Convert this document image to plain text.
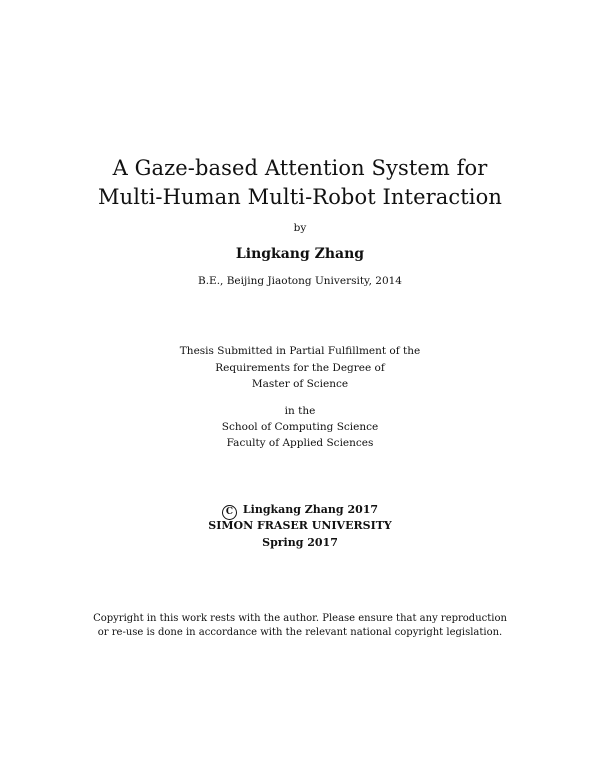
A Gaze-based Attention System for
Multi-Human Multi-Robot Interaction
by
Lingkang Zhang
B.E., Beijing Jiaotong University, 2014
Thesis Submitted in Partial Fulfillment of the
Requirements for the Degree of
Master of Science
in the
School of Computing Science
Faculty of Applied Sciences
C Lingkang Zhang 2017
SIMON FRASER UNIVERSITY
Spring 2017
Copyright in this work rests with the author. Please ensure that any reproduction
or re-use is done in accordance with the relevant national copyright legislation.
